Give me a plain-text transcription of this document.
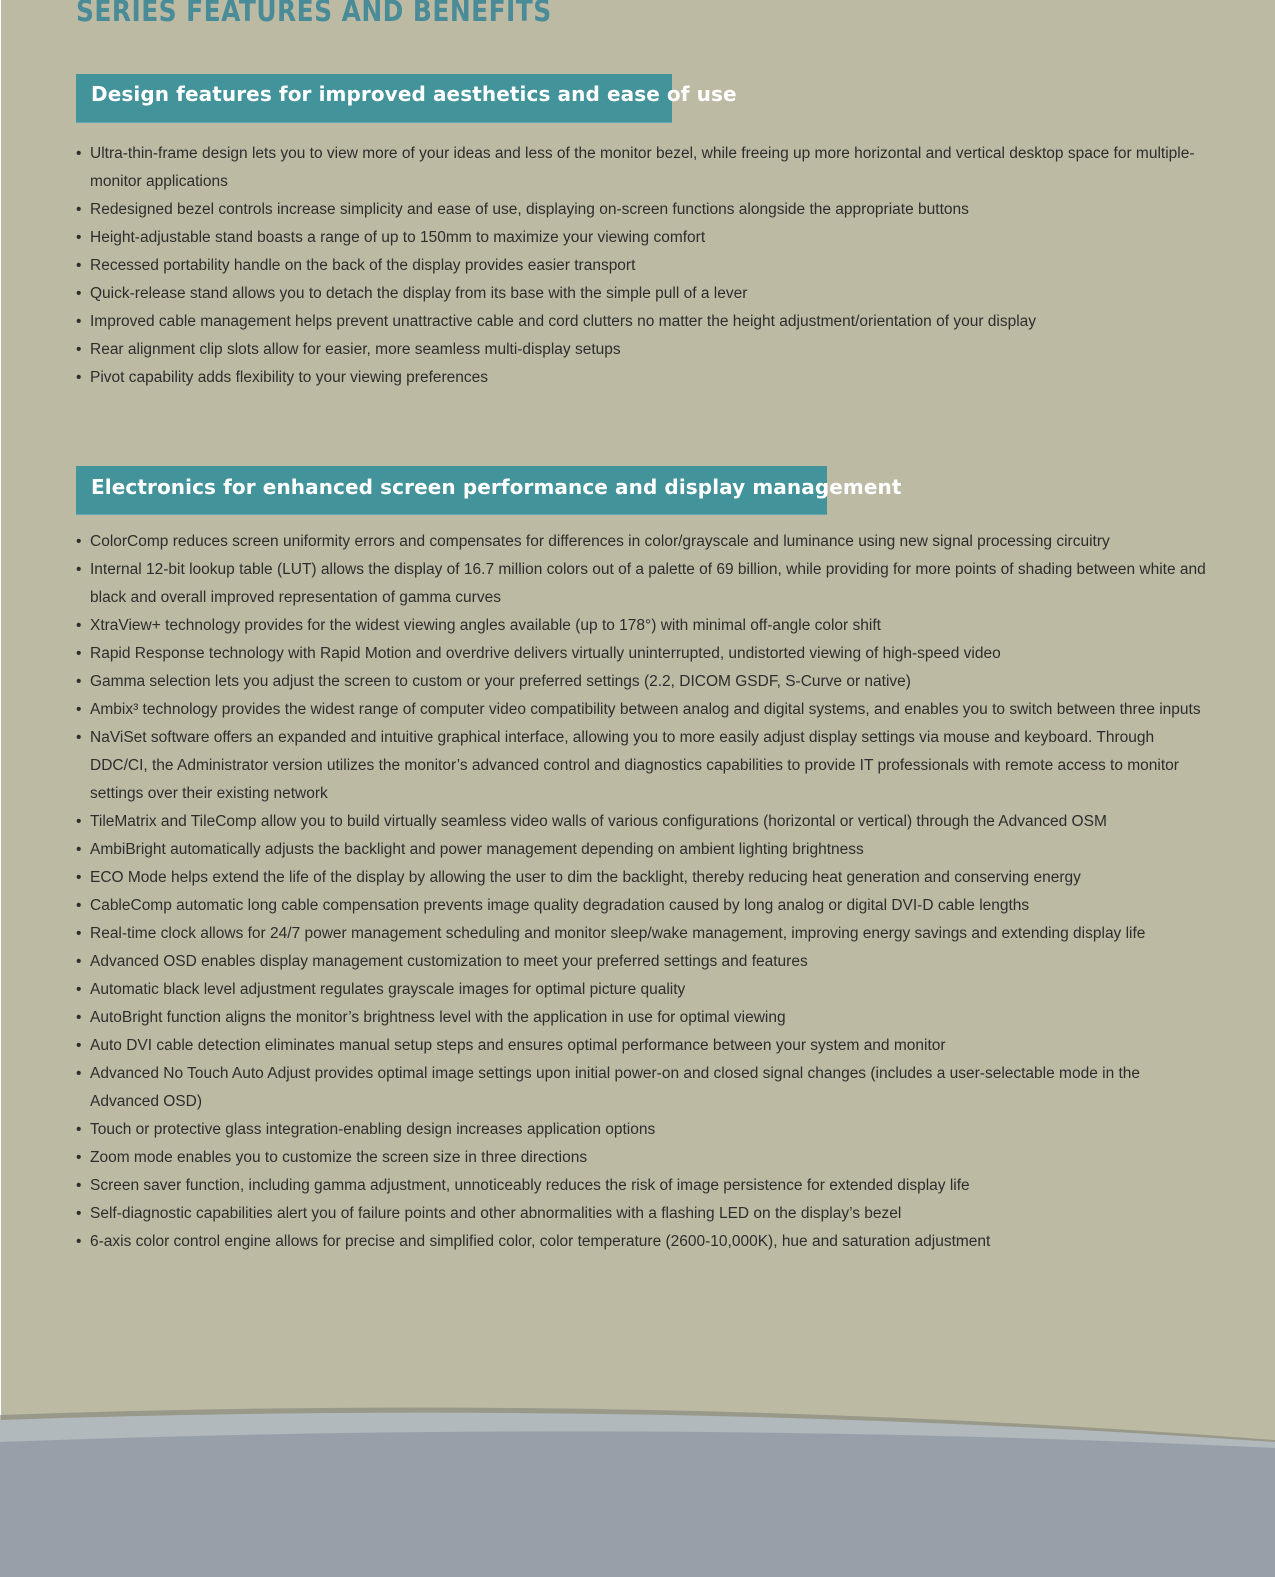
SERIES FEATURES AND BENEFITS
Design features for improved aesthetics and ease of use
• Ultra-thin-frame design lets you to view more of your ideas and less of the monitor bezel, while freeing up more horizontal and vertical desktop space for multiple-monitor applications
• Redesigned bezel controls increase simplicity and ease of use, displaying on-screen functions alongside the appropriate buttons
• Height-adjustable stand boasts a range of up to 150mm to maximize your viewing comfort
• Recessed portability handle on the back of the display provides easier transport
• Quick-release stand allows you to detach the display from its base with the simple pull of a lever
• Improved cable management helps prevent unattractive cable and cord clutters no matter the height adjustment/orientation of your display
• Rear alignment clip slots allow for easier, more seamless multi-display setups
• Pivot capability adds flexibility to your viewing preferences
Electronics for enhanced screen performance and display management
• ColorComp reduces screen uniformity errors and compensates for differences in color/grayscale and luminance using new signal processing circuitry
• Internal 12-bit lookup table (LUT) allows the display of 16.7 million colors out of a palette of 69 billion, while providing for more points of shading between white and black and overall improved representation of gamma curves
• XtraView+ technology provides for the widest viewing angles available (up to 178°) with minimal off-angle color shift
• Rapid Response technology with Rapid Motion and overdrive delivers virtually uninterrupted, undistorted viewing of high-speed video
• Gamma selection lets you adjust the screen to custom or your preferred settings (2.2, DICOM GSDF, S-Curve or native)
• Ambix³ technology provides the widest range of computer video compatibility between analog and digital systems, and enables you to switch between three inputs
• NaViSet software offers an expanded and intuitive graphical interface, allowing you to more easily adjust display settings via mouse and keyboard. Through DDC/CI, the Administrator version utilizes the monitor’s advanced control and diagnostics capabilities to provide IT professionals with remote access to monitor settings over their existing network
• TileMatrix and TileComp allow you to build virtually seamless video walls of various configurations (horizontal or vertical) through the Advanced OSM
• AmbiBright automatically adjusts the backlight and power management depending on ambient lighting brightness
• ECO Mode helps extend the life of the display by allowing the user to dim the backlight, thereby reducing heat generation and conserving energy
• CableComp automatic long cable compensation prevents image quality degradation caused by long analog or digital DVI-D cable lengths
• Real-time clock allows for 24/7 power management scheduling and monitor sleep/wake management, improving energy savings and extending display life
• Advanced OSD enables display management customization to meet your preferred settings and features
• Automatic black level adjustment regulates grayscale images for optimal picture quality
• AutoBright function aligns the monitor’s brightness level with the application in use for optimal viewing
• Auto DVI cable detection eliminates manual setup steps and ensures optimal performance between your system and monitor
• Advanced No Touch Auto Adjust provides optimal image settings upon initial power-on and closed signal changes (includes a user-selectable mode in the Advanced OSD)
• Touch or protective glass integration-enabling design increases application options
• Zoom mode enables you to customize the screen size in three directions
• Screen saver function, including gamma adjustment, unnoticeably reduces the risk of image persistence for extended display life
• Self-diagnostic capabilities alert you of failure points and other abnormalities with a flashing LED on the display’s bezel
• 6-axis color control engine allows for precise and simplified color, color temperature (2600-10,000K), hue and saturation adjustment
